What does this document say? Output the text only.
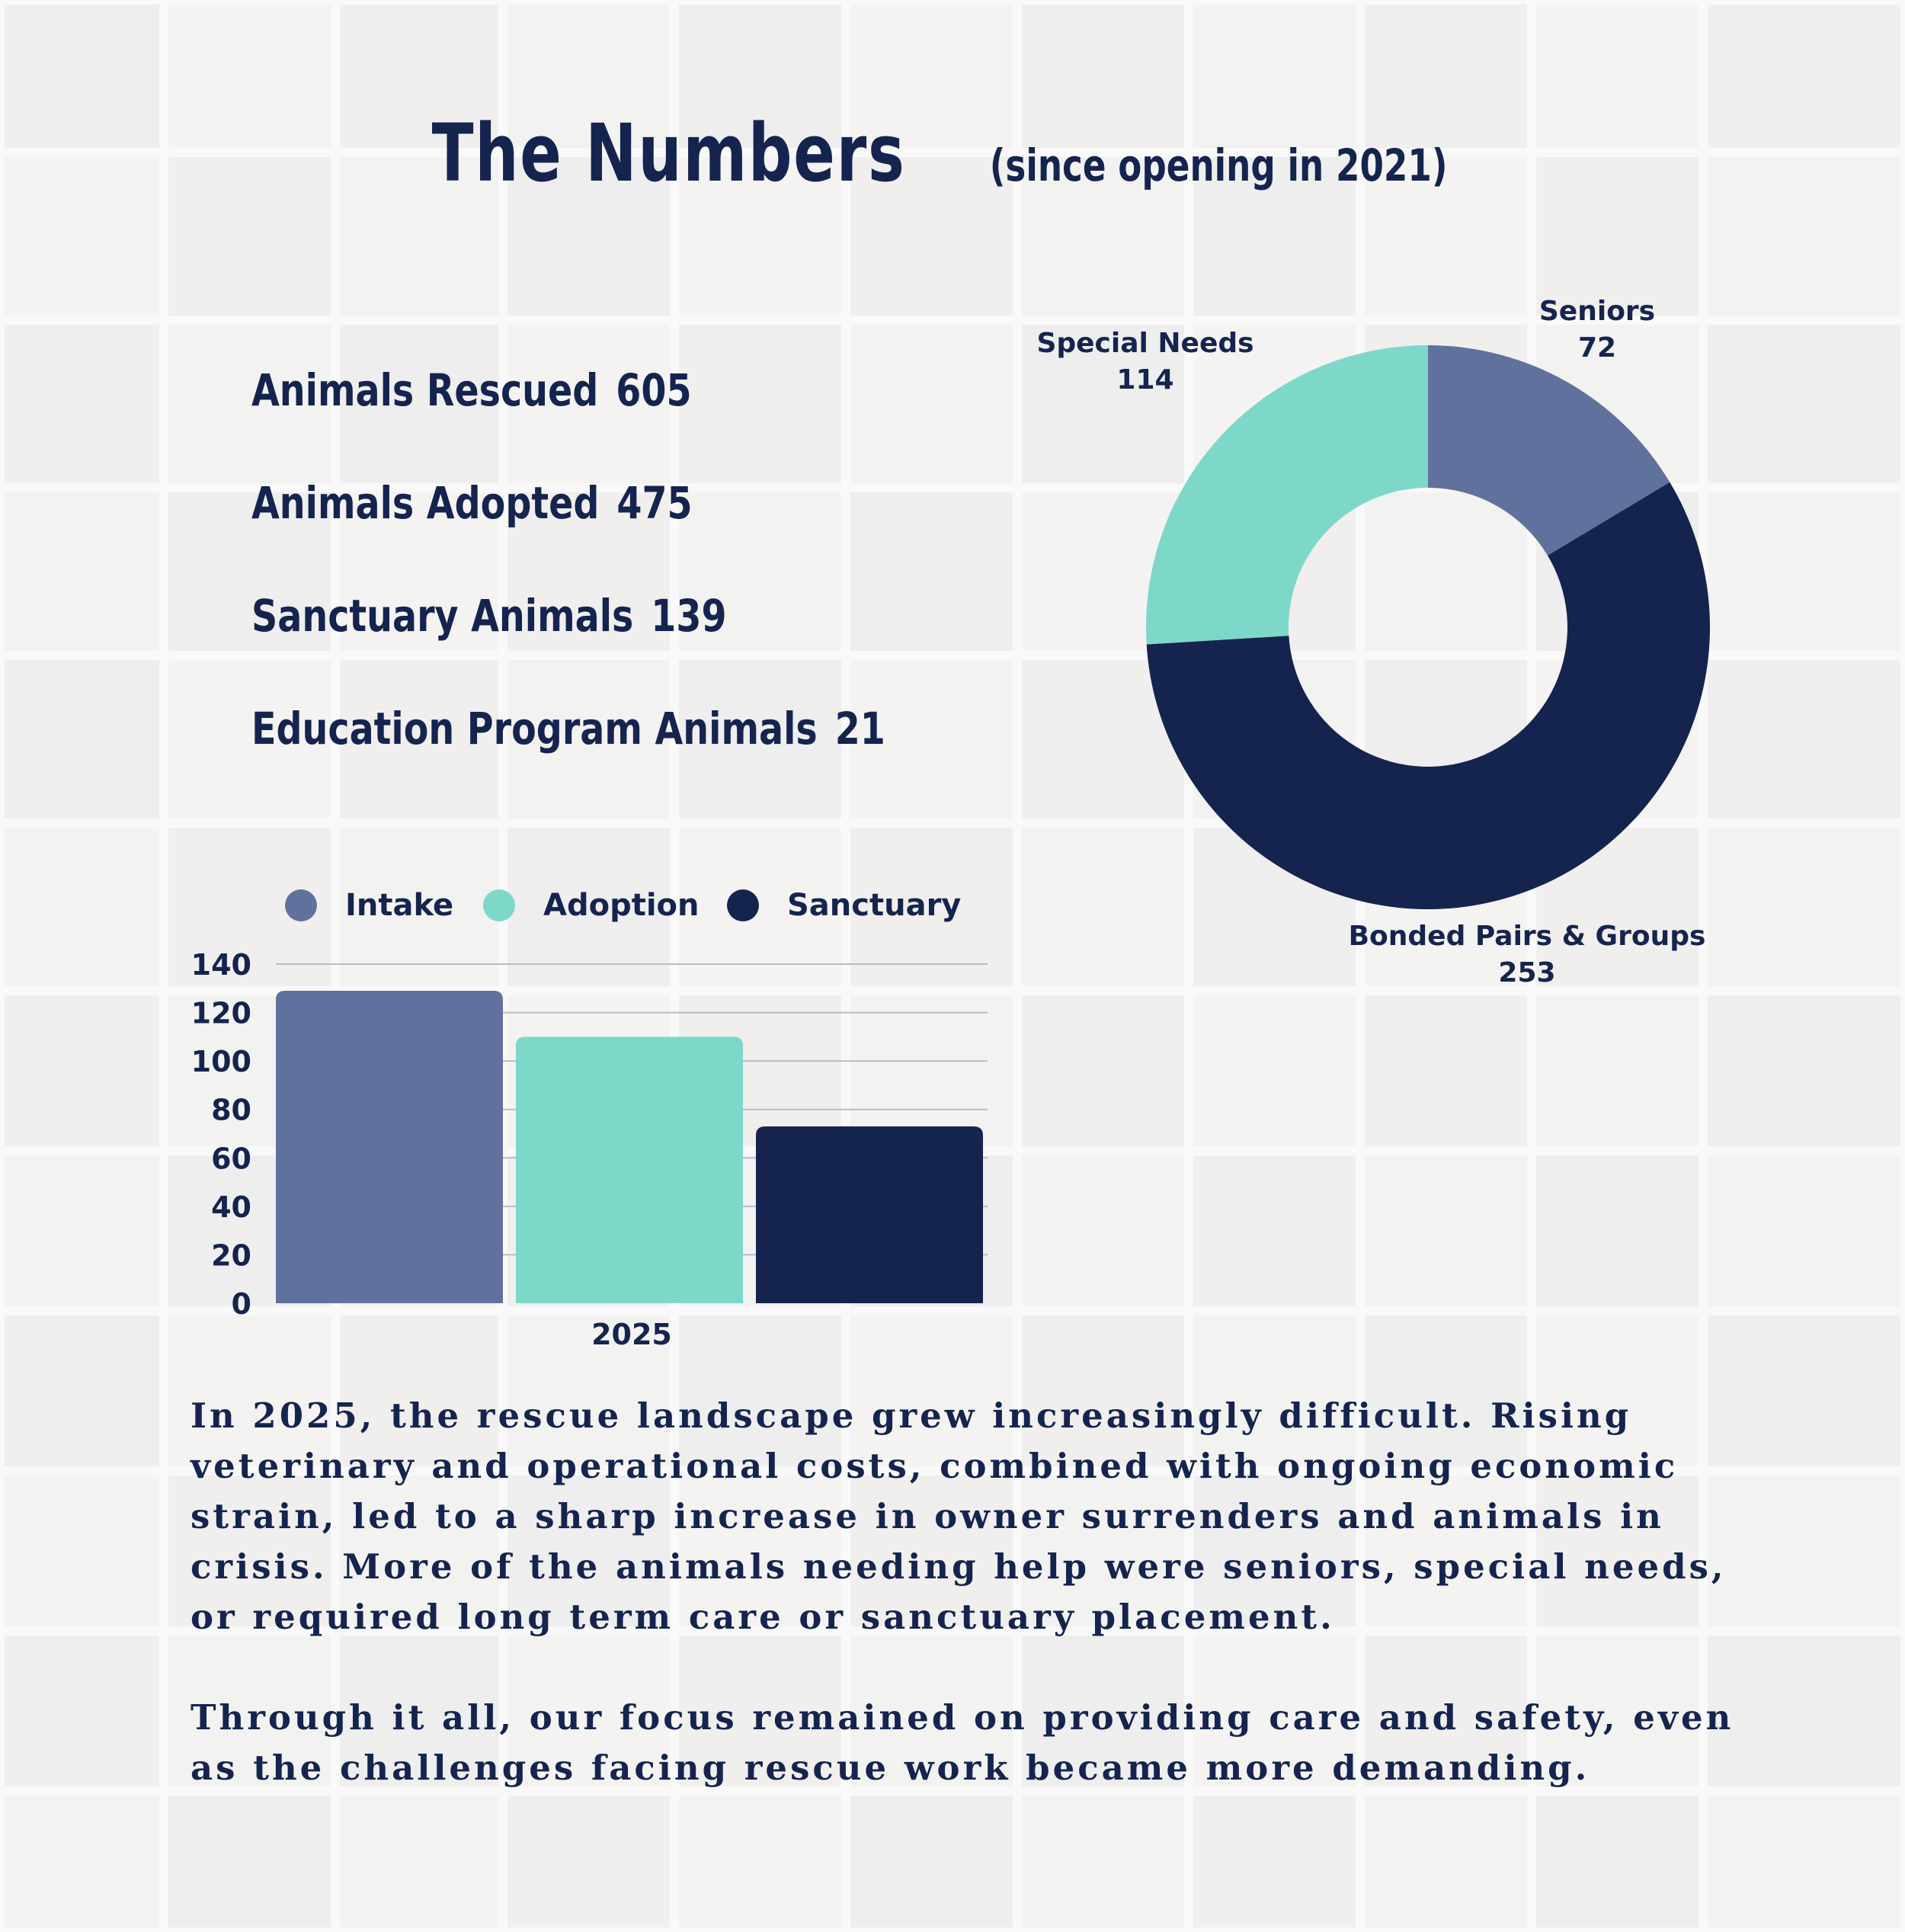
The Numbers (since opening in 2021)
Animals Rescued 605
Animals Adopted 475
Sanctuary Animals 139
Education Program Animals 21
Seniors
72
Bonded Pairs & Groups
253
Special Needs
114
Intake	Adoption	Sanctuary
0
20
40
60
80
100
120
140
2025

In 2025, the rescue landscape grew increasingly difficult. Rising veterinary and operational costs, combined with ongoing economic strain, led to a sharp increase in owner surrenders and animals in crisis. More of the animals needing help were seniors, special needs, or required long term care or sanctuary placement.

Through it all, our focus remained on providing care and safety, even as the challenges facing rescue work became more demanding.
